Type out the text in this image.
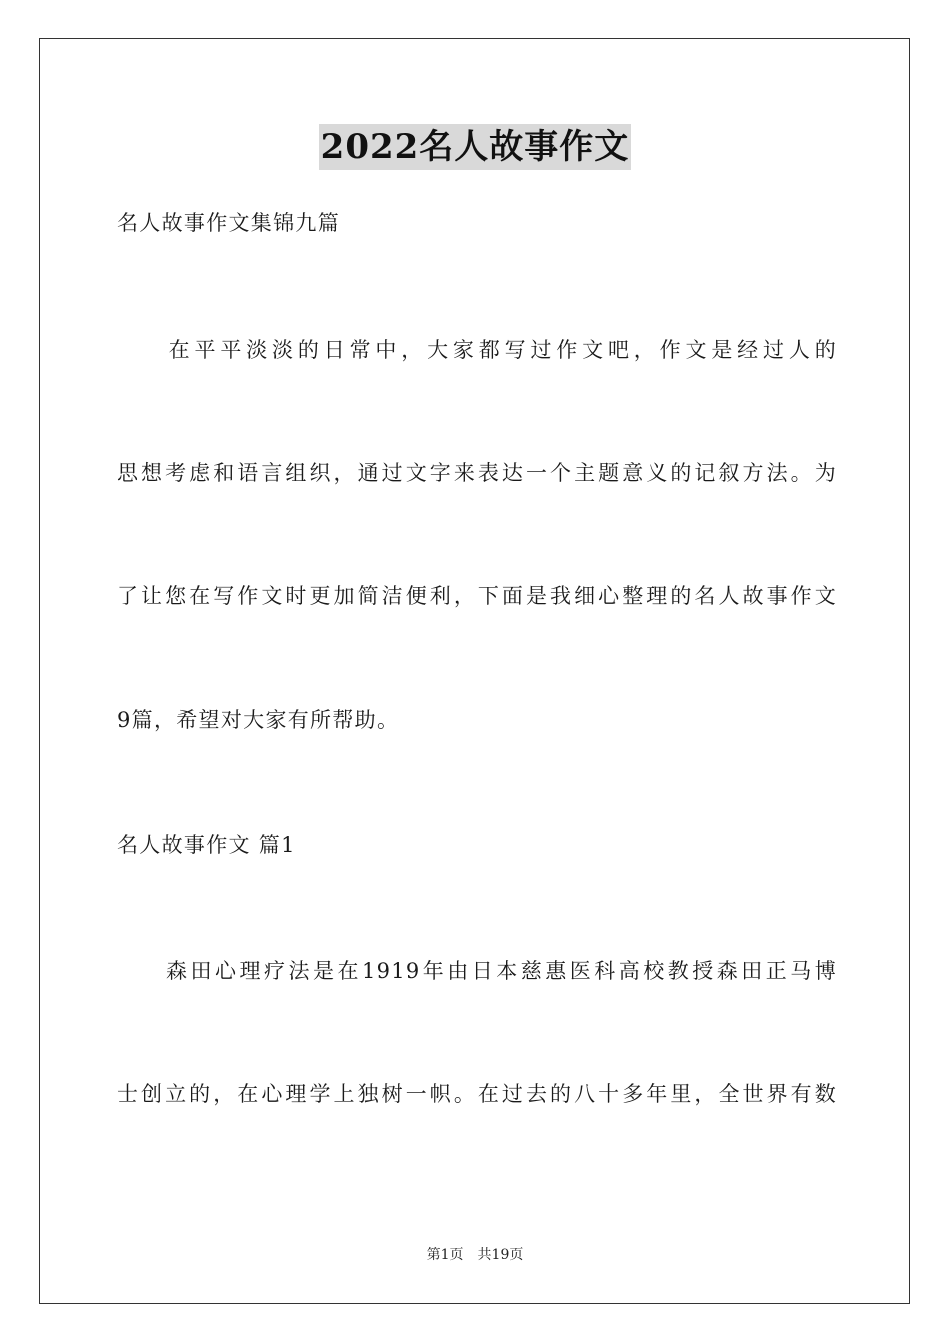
2022名人故事作文
名人故事作文集锦九篇
　　在平平淡淡的日常中，大家都写过作文吧，作文是经过人的
思想考虑和语言组织，通过文字来表达一个主题意义的记叙方法。为
了让您在写作文时更加简洁便利，下面是我细心整理的名人故事作文
9篇，希望对大家有所帮助。
名人故事作文 篇1
　　森田心理疗法是在1919年由日本慈惠医科高校教授森田正马博
士创立的，在心理学上独树一帜。在过去的八十多年里，全世界有数
第1页　共19页
